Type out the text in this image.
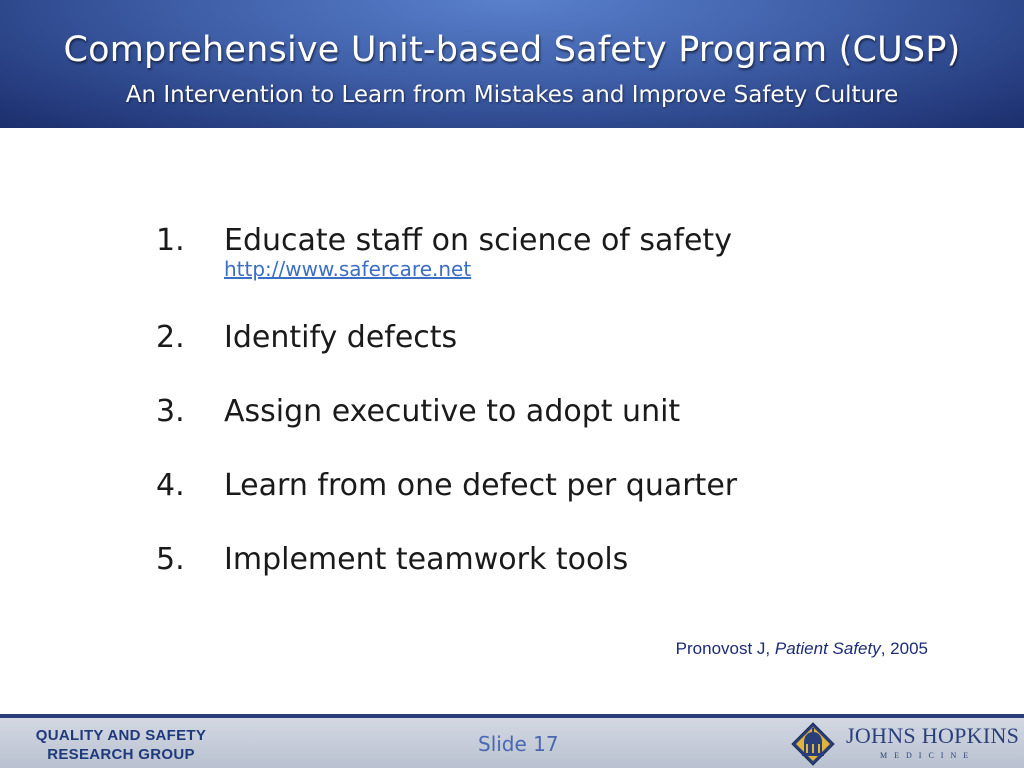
Comprehensive Unit-based Safety Program (CUSP)
An Intervention to Learn from Mistakes and Improve Safety Culture
1.	Educate staff on science of safety
http://www.safercare.net
2.	Identify defects
3.	Assign executive to adopt unit
4.	Learn from one defect per quarter
5.	Implement teamwork tools
Pronovost J, Patient Safety, 2005
QUALITY AND SAFETY
RESEARCH GROUP	Slide 17	JOHNS HOPKINS
MEDICINE
